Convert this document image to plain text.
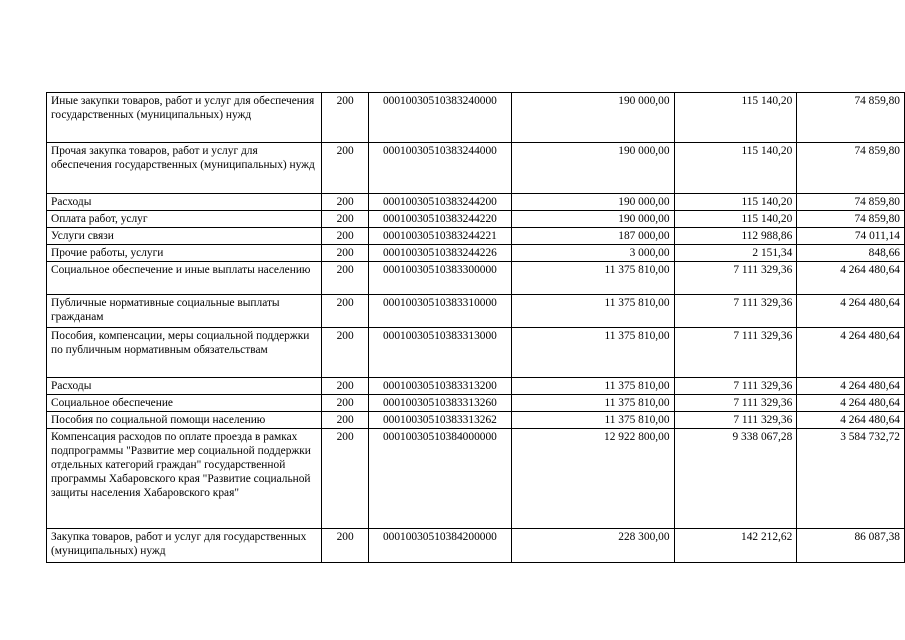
Иные закупки товаров, работ и услуг для обеспечения государственных (муниципальных) нужд	200	00010030510383240000	190 000,00	115 140,20	74 859,80
Прочая закупка товаров, работ и услуг для обеспечения государственных (муниципальных) нужд	200	00010030510383244000	190 000,00	115 140,20	74 859,80
Расходы	200	00010030510383244200	190 000,00	115 140,20	74 859,80
Оплата работ, услуг	200	00010030510383244220	190 000,00	115 140,20	74 859,80
Услуги связи	200	00010030510383244221	187 000,00	112 988,86	74 011,14
Прочие работы, услуги	200	00010030510383244226	3 000,00	2 151,34	848,66
Социальное обеспечение и иные выплаты населению	200	00010030510383300000	11 375 810,00	7 111 329,36	4 264 480,64
Публичные нормативные социальные выплаты гражданам	200	00010030510383310000	11 375 810,00	7 111 329,36	4 264 480,64
Пособия, компенсации, меры социальной поддержки по публичным нормативным обязательствам	200	00010030510383313000	11 375 810,00	7 111 329,36	4 264 480,64
Расходы	200	00010030510383313200	11 375 810,00	7 111 329,36	4 264 480,64
Социальное обеспечение	200	00010030510383313260	11 375 810,00	7 111 329,36	4 264 480,64
Пособия по социальной помощи населению	200	00010030510383313262	11 375 810,00	7 111 329,36	4 264 480,64
Компенсация расходов по оплате проезда в рамках подпрограммы "Развитие мер социальной поддержки отдельных категорий граждан" государственной программы Хабаровского края "Развитие социальной защиты населения Хабаровского края"	200	00010030510384000000	12 922 800,00	9 338 067,28	3 584 732,72
Закупка товаров, работ и услуг для государственных (муниципальных) нужд	200	00010030510384200000	228 300,00	142 212,62	86 087,38
